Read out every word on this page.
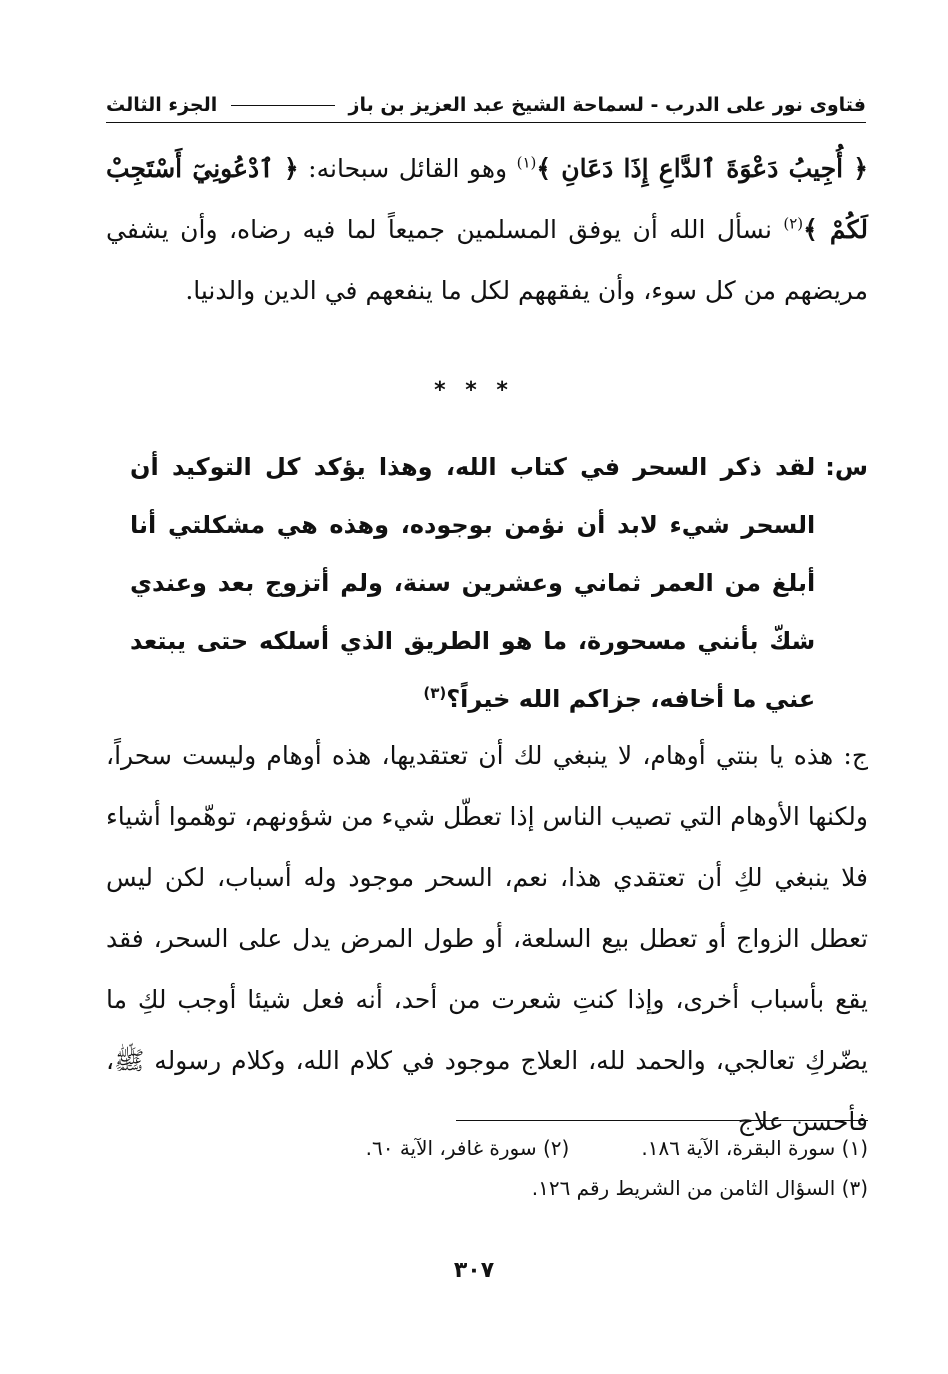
فتاوى نور على الدرب - لسماحة الشيخ عبد العزيز بن باز
الجزء الثالث

﴿ أُجِيبُ دَعْوَةَ ٱلدَّاعِ إِذَا دَعَانِ ﴾$^{(١)}$ وهو القائل سبحانه: ﴿ ٱدْعُونِيٓ أَسْتَجِبْ لَكُمْ ﴾$^{(٢)}$ نسأل الله أن يوفق المسلمين جميعاً لما فيه رضاه، وأن يشفي مريضهم من كل سوء، وأن يفقههم لكل ما ينفعهم في الدين والدنيا.

* * *
س:
لقد ذكر السحر في كتاب الله، وهذا يؤكد كل التوكيد أن السحر شيء لابد أن نؤمن بوجوده، وهذه هي مشكلتي أنا أبلغ من العمر ثماني وعشرين سنة، ولم أتزوج بعد وعندي شكّ بأنني مسحورة، ما هو الطريق الذي أسلكه حتى يبتعد عني ما أخافه، جزاكم الله خيراً؟$^{(٣)}$

ج: هذه يا بنتي أوهام، لا ينبغي لك أن تعتقديها، هذه أوهام وليست سحراً، ولكنها الأوهام التي تصيب الناس إذا تعطّل شيء من شؤونهم، توهّموا أشياء فلا ينبغي لكِ أن تعتقدي هذا، نعم، السحر موجود وله أسباب، لكن ليس تعطل الزواج أو تعطل بيع السلعة، أو طول المرض يدل على السحر، فقد يقع بأسباب أخرى، وإذا كنتِ شعرت من أحد، أنه فعل شيئا أوجب لكِ ما يضّركِ تعالجي، والحمد لله، العلاج موجود في كلام الله، وكلام رسوله ﷺ، فأحسن علاج

(١) سورة البقرة، الآية ١٨٦.
(٢) سورة غافر، الآية ٦٠.
(٣) السؤال الثامن من الشريط رقم ١٢٦.
٣٠٧
